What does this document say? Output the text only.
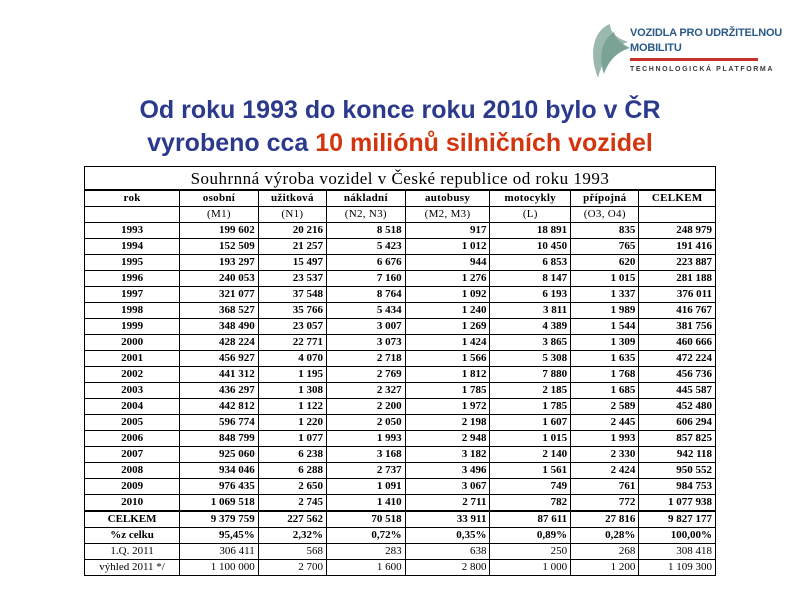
VOZIDLA PRO UDRŽITELNOU
MOBILITU
TECHNOLOGICKÁ PLATFORMA
Od roku 1993 do konce roku 2010 bylo v ČR
vyrobeno cca 10 miliónů silničních vozidel
Souhrnná výroba vozidel v České republice od roku 1993							
rok	osobní	užitková	nákladní	autobusy	motocykly	přípojná	CELKEM
	(M1)	(N1)	(N2, N3)	(M2, M3)	(L)	(O3, O4)	
1993	199 602	20 216	8 518	917	18 891	835	248 979
1994	152 509	21 257	5 423	1 012	10 450	765	191 416
1995	193 297	15 497	6 676	944	6 853	620	223 887
1996	240 053	23 537	7 160	1 276	8 147	1 015	281 188
1997	321 077	37 548	8 764	1 092	6 193	1 337	376 011
1998	368 527	35 766	5 434	1 240	3 811	1 989	416 767
1999	348 490	23 057	3 007	1 269	4 389	1 544	381 756
2000	428 224	22 771	3 073	1 424	3 865	1 309	460 666
2001	456 927	4 070	2 718	1 566	5 308	1 635	472 224
2002	441 312	1 195	2 769	1 812	7 880	1 768	456 736
2003	436 297	1 308	2 327	1 785	2 185	1 685	445 587
2004	442 812	1 122	2 200	1 972	1 785	2 589	452 480
2005	596 774	1 220	2 050	2 198	1 607	2 445	606 294
2006	848 799	1 077	1 993	2 948	1 015	1 993	857 825
2007	925 060	6 238	3 168	3 182	2 140	2 330	942 118
2008	934 046	6 288	2 737	3 496	1 561	2 424	950 552
2009	976 435	2 650	1 091	3 067	749	761	984 753
2010	1 069 518	2 745	1 410	2 711	782	772	1 077 938
CELKEM	9 379 759	227 562	70 518	33 911	87 611	27 816	9 827 177
%z celku	95,45%	2,32%	0,72%	0,35%	0,89%	0,28%	100,00%
1.Q. 2011	306 411	568	283	638	250	268	308 418
výhled 2011 */	1 100 000	2 700	1 600	2 800	1 000	1 200	1 109 300
